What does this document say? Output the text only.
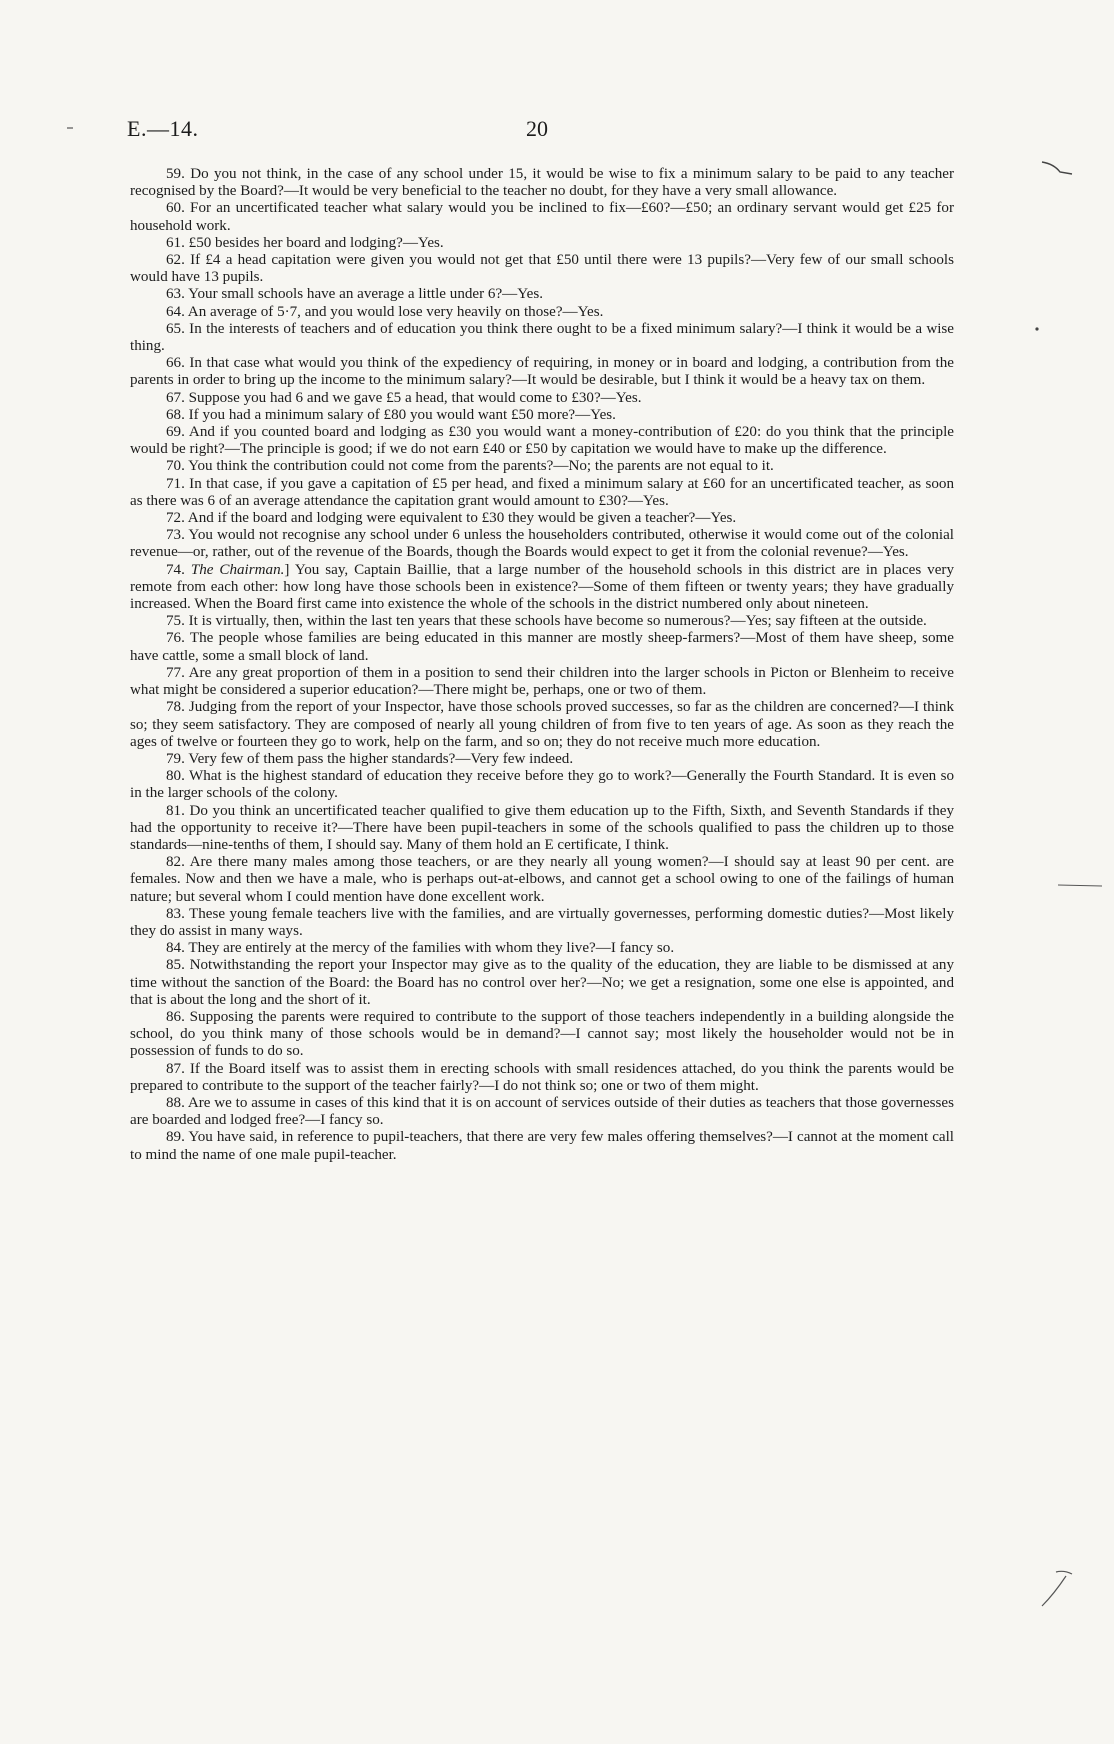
E.—14.	20

59. Do you not think, in the case of any school under 15, it would be wise to fix a minimum salary to be paid to any teacher recognised by the Board?—It would be very beneficial to the teacher no doubt, for they have a very small allowance.

60. For an uncertificated teacher what salary would you be inclined to fix—£60?—£50; an ordinary servant would get £25 for household work.

61. £50 besides her board and lodging?—Yes.

62. If £4 a head capitation were given you would not get that £50 until there were 13 pupils?—Very few of our small schools would have 13 pupils.

63. Your small schools have an average a little under 6?—Yes.

64. An average of 5·7, and you would lose very heavily on those?—Yes.

65. In the interests of teachers and of education you think there ought to be a fixed minimum salary?—I think it would be a wise thing.

66. In that case what would you think of the expediency of requiring, in money or in board and lodging, a contribution from the parents in order to bring up the income to the minimum salary?—It would be desirable, but I think it would be a heavy tax on them.

67. Suppose you had 6 and we gave £5 a head, that would come to £30?—Yes.

68. If you had a minimum salary of £80 you would want £50 more?—Yes.

69. And if you counted board and lodging as £30 you would want a money-contribution of £20: do you think that the principle would be right?—The principle is good; if we do not earn £40 or £50 by capitation we would have to make up the difference.

70. You think the contribution could not come from the parents?—No; the parents are not equal to it.

71. In that case, if you gave a capitation of £5 per head, and fixed a minimum salary at £60 for an uncertificated teacher, as soon as there was 6 of an average attendance the capitation grant would amount to £30?—Yes.

72. And if the board and lodging were equivalent to £30 they would be given a teacher?—Yes.

73. You would not recognise any school under 6 unless the householders contributed, otherwise it would come out of the colonial revenue—or, rather, out of the revenue of the Boards, though the Boards would expect to get it from the colonial revenue?—Yes.

74. The Chairman.] You say, Captain Baillie, that a large number of the household schools in this district are in places very remote from each other: how long have those schools been in existence?—Some of them fifteen or twenty years; they have gradually increased. When the Board first came into existence the whole of the schools in the district numbered only about nineteen.

75. It is virtually, then, within the last ten years that these schools have become so numerous?—Yes; say fifteen at the outside.

76. The people whose families are being educated in this manner are mostly sheep-farmers?—Most of them have sheep, some have cattle, some a small block of land.

77. Are any great proportion of them in a position to send their children into the larger schools in Picton or Blenheim to receive what might be considered a superior education?—There might be, perhaps, one or two of them.

78. Judging from the report of your Inspector, have those schools proved successes, so far as the children are concerned?—I think so; they seem satisfactory. They are composed of nearly all young children of from five to ten years of age. As soon as they reach the ages of twelve or fourteen they go to work, help on the farm, and so on; they do not receive much more education.

79. Very few of them pass the higher standards?—Very few indeed.

80. What is the highest standard of education they receive before they go to work?—Generally the Fourth Standard. It is even so in the larger schools of the colony.

81. Do you think an uncertificated teacher qualified to give them education up to the Fifth, Sixth, and Seventh Standards if they had the opportunity to receive it?—There have been pupil-teachers in some of the schools qualified to pass the children up to those standards—nine-tenths of them, I should say. Many of them hold an E certificate, I think.

82. Are there many males among those teachers, or are they nearly all young women?—I should say at least 90 per cent. are females. Now and then we have a male, who is perhaps out-at-elbows, and cannot get a school owing to one of the failings of human nature; but several whom I could mention have done excellent work.

83. These young female teachers live with the families, and are virtually governesses, performing domestic duties?—Most likely they do assist in many ways.

84. They are entirely at the mercy of the families with whom they live?—I fancy so.

85. Notwithstanding the report your Inspector may give as to the quality of the education, they are liable to be dismissed at any time without the sanction of the Board: the Board has no control over her?—No; we get a resignation, some one else is appointed, and that is about the long and the short of it.

86. Supposing the parents were required to contribute to the support of those teachers independently in a building alongside the school, do you think many of those schools would be in demand?—I cannot say; most likely the householder would not be in possession of funds to do so.

87. If the Board itself was to assist them in erecting schools with small residences attached, do you think the parents would be prepared to contribute to the support of the teacher fairly?—I do not think so; one or two of them might.

88. Are we to assume in cases of this kind that it is on account of services outside of their duties as teachers that those governesses are boarded and lodged free?—I fancy so.

89. You have said, in reference to pupil-teachers, that there are very few males offering themselves?—I cannot at the moment call to mind the name of one male pupil-teacher.
